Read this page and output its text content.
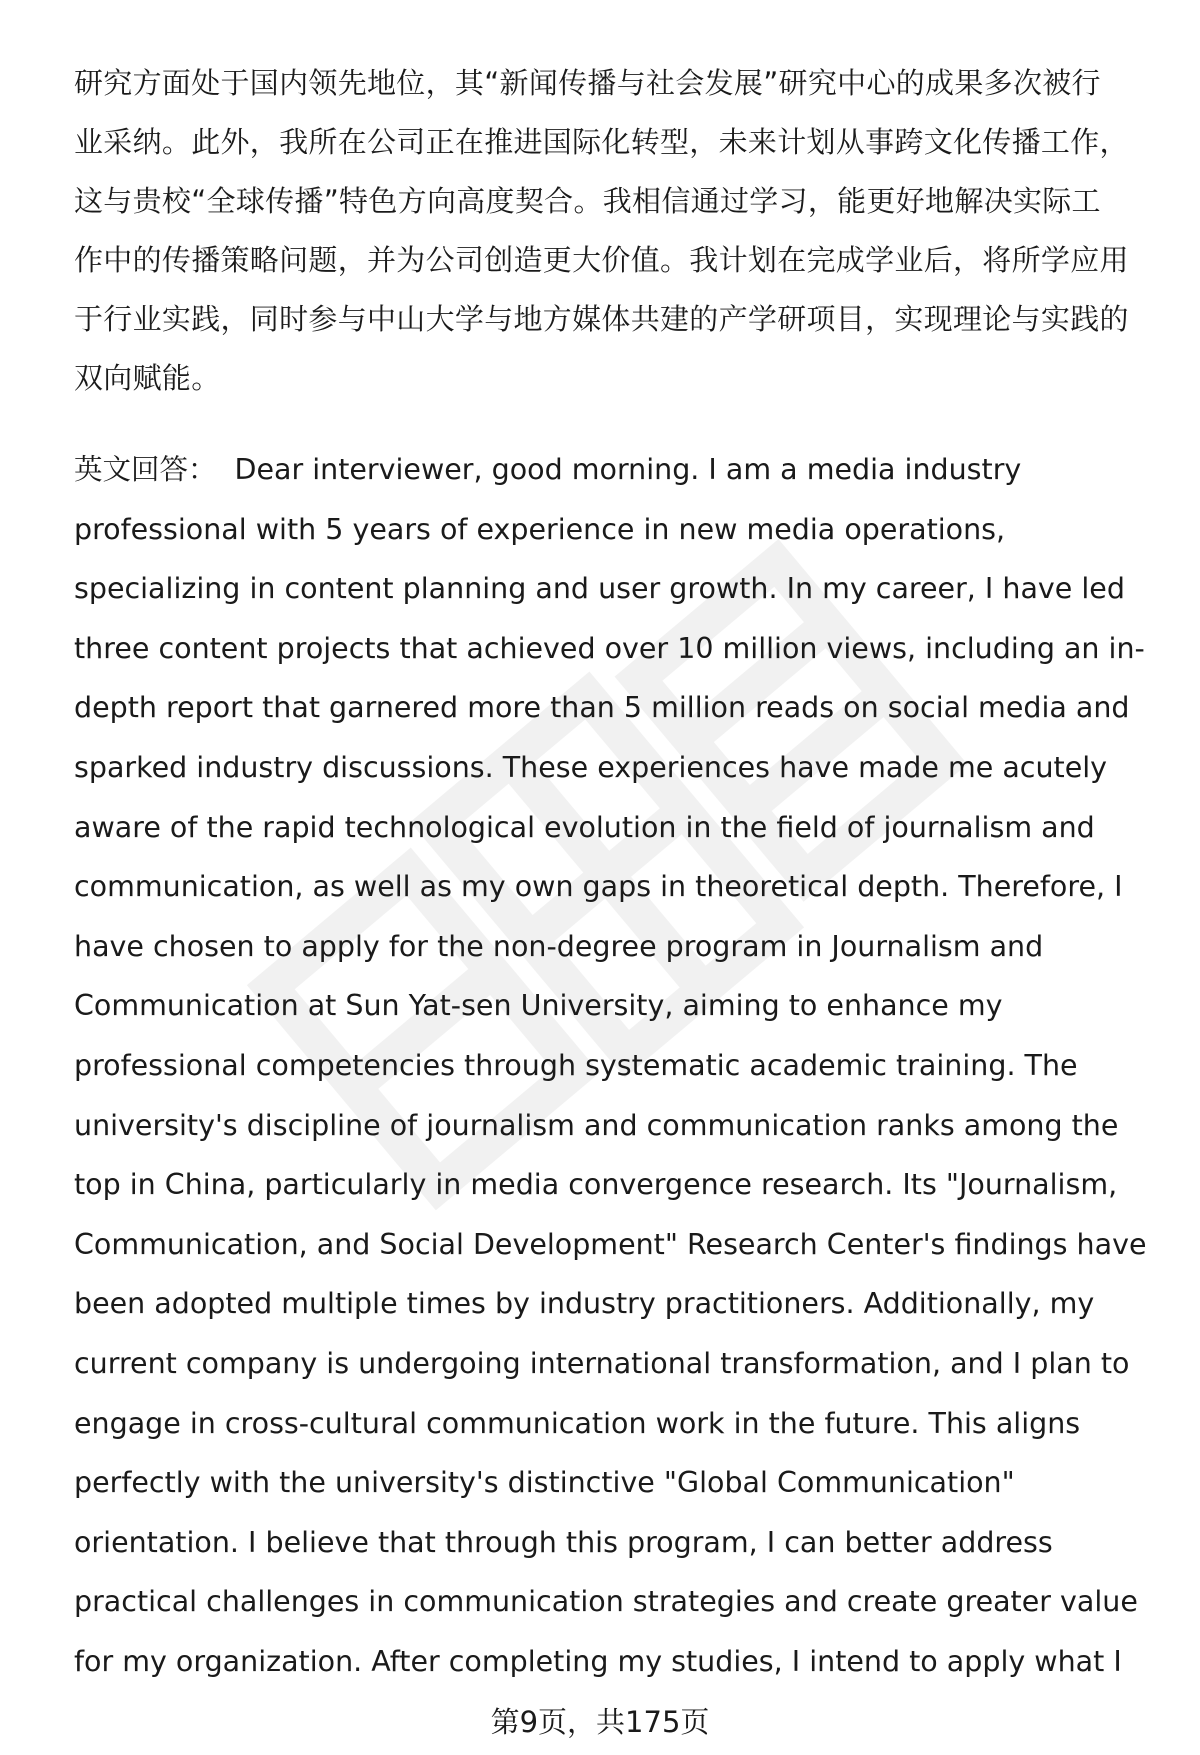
研究方面处于国内领先地位，其“新闻传播与社会发展”研究中心的成果多次被行
业采纳。此外，我所在公司正在推进国际化转型，未来计划从事跨文化传播工作，
这与贵校“全球传播”特色方向高度契合。我相信通过学习，能更好地解决实际工
作中的传播策略问题，并为公司创造更大价值。我计划在完成学业后，将所学应用
于行业实践，同时参与中山大学与地方媒体共建的产学研项目，实现理论与实践的
双向赋能。

英文回答： Dear interviewer, good morning. I am a media industry
professional with 5 years of experience in new media operations,
specializing in content planning and user growth. In my career, I have led
three content projects that achieved over 10 million views, including an in-
depth report that garnered more than 5 million reads on social media and
sparked industry discussions. These experiences have made me acutely
aware of the rapid technological evolution in the field of journalism and
communication, as well as my own gaps in theoretical depth. Therefore, I
have chosen to apply for the non-degree program in Journalism and
Communication at Sun Yat-sen University, aiming to enhance my
professional competencies through systematic academic training. The
university's discipline of journalism and communication ranks among the
top in China, particularly in media convergence research. Its "Journalism,
Communication, and Social Development" Research Center's findings have
been adopted multiple times by industry practitioners. Additionally, my
current company is undergoing international transformation, and I plan to
engage in cross-cultural communication work in the future. This aligns
perfectly with the university's distinctive "Global Communication"
orientation. I believe that through this program, I can better address
practical challenges in communication strategies and create greater value
for my organization. After completing my studies, I intend to apply what I

第9页，共175页
